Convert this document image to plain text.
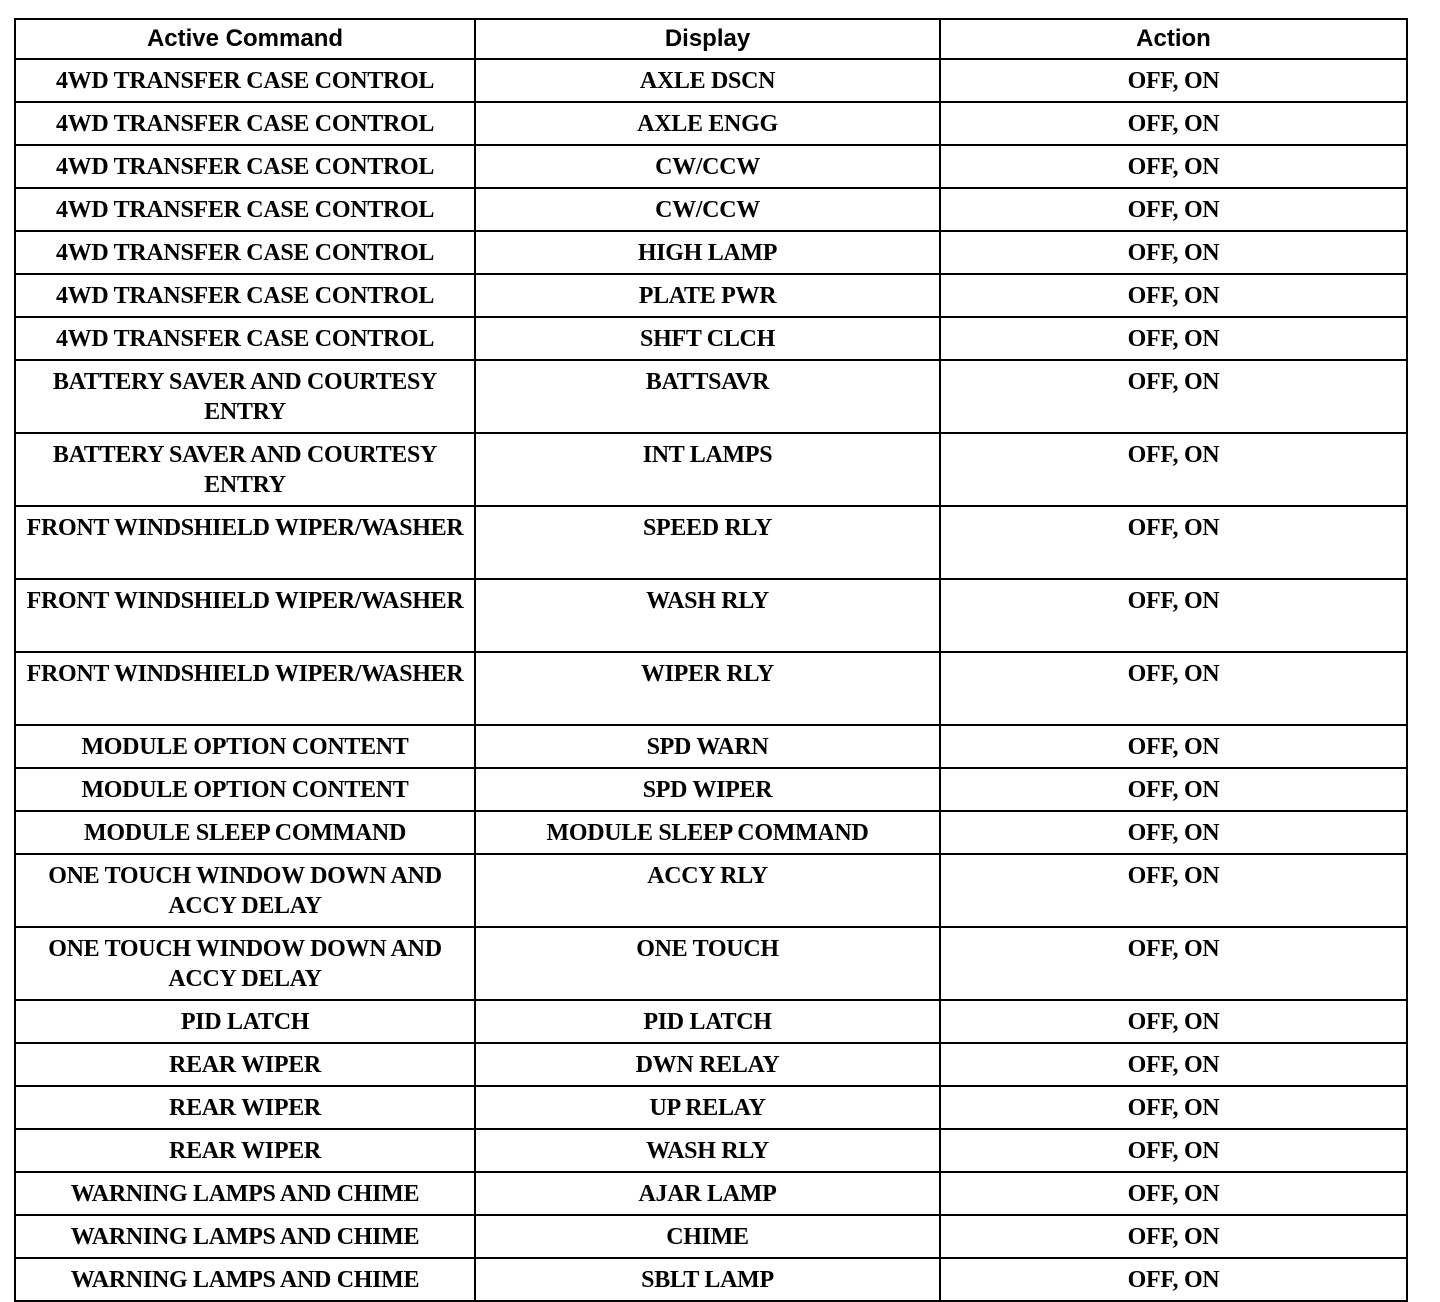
Active Command	Display	Action
4WD TRANSFER CASE CONTROL	AXLE DSCN	OFF, ON
4WD TRANSFER CASE CONTROL	AXLE ENGG	OFF, ON
4WD TRANSFER CASE CONTROL	CW/CCW	OFF, ON
4WD TRANSFER CASE CONTROL	CW/CCW	OFF, ON
4WD TRANSFER CASE CONTROL	HIGH LAMP	OFF, ON
4WD TRANSFER CASE CONTROL	PLATE PWR	OFF, ON
4WD TRANSFER CASE CONTROL	SHFT CLCH	OFF, ON
BATTERY SAVER AND COURTESY ENTRY	BATTSAVR	OFF, ON
BATTERY SAVER AND COURTESY ENTRY	INT LAMPS	OFF, ON
FRONT WINDSHIELD WIPER/WASHER	SPEED RLY	OFF, ON
FRONT WINDSHIELD WIPER/WASHER	WASH RLY	OFF, ON
FRONT WINDSHIELD WIPER/WASHER	WIPER RLY	OFF, ON
MODULE OPTION CONTENT	SPD WARN	OFF, ON
MODULE OPTION CONTENT	SPD WIPER	OFF, ON
MODULE SLEEP COMMAND	MODULE SLEEP COMMAND	OFF, ON
ONE TOUCH WINDOW DOWN AND ACCY DELAY	ACCY RLY	OFF, ON
ONE TOUCH WINDOW DOWN AND ACCY DELAY	ONE TOUCH	OFF, ON
PID LATCH	PID LATCH	OFF, ON
REAR WIPER	DWN RELAY	OFF, ON
REAR WIPER	UP RELAY	OFF, ON
REAR WIPER	WASH RLY	OFF, ON
WARNING LAMPS AND CHIME	AJAR LAMP	OFF, ON
WARNING LAMPS AND CHIME	CHIME	OFF, ON
WARNING LAMPS AND CHIME	SBLT LAMP	OFF, ON
